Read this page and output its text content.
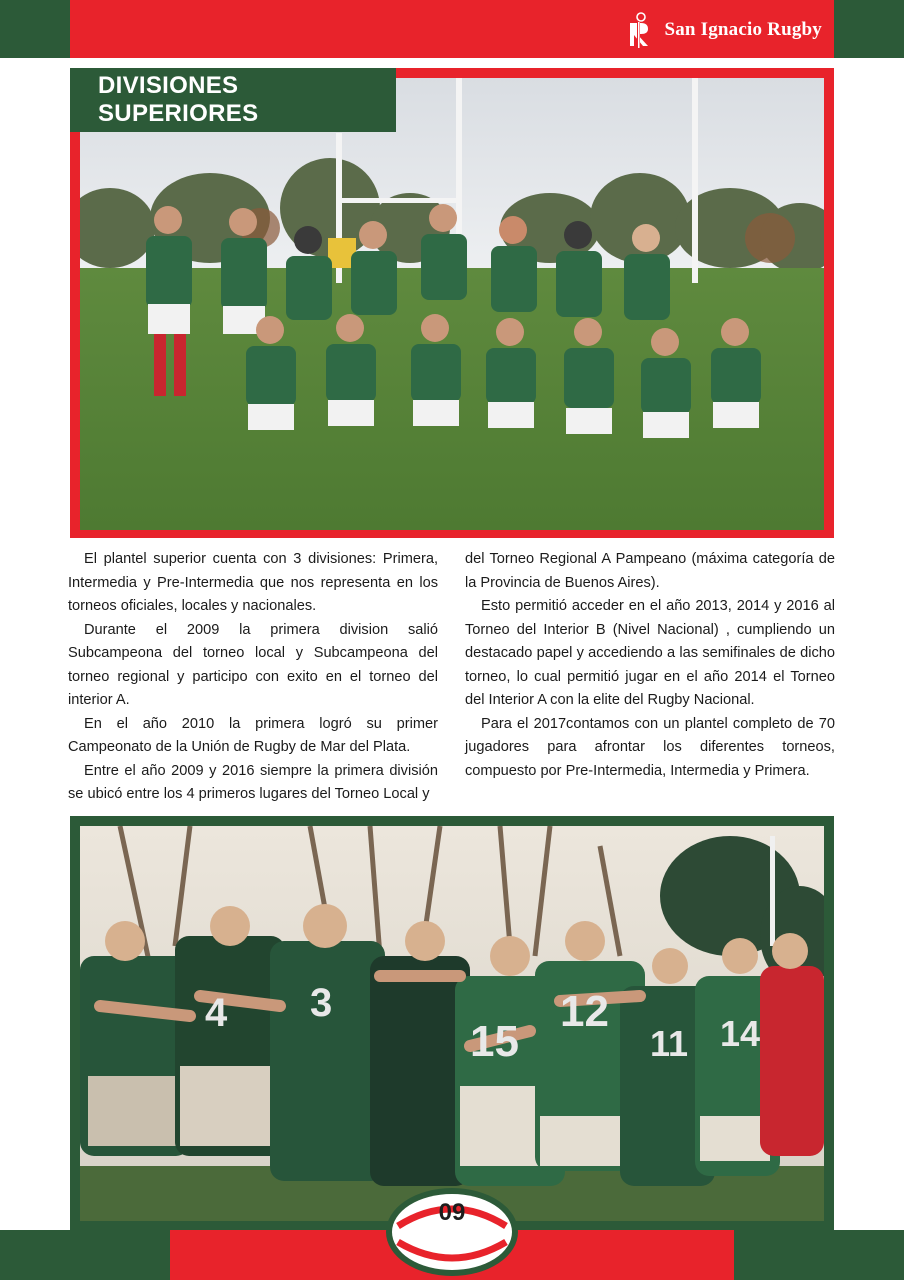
San Ignacio Rugby
DIVISIONES SUPERIORES

El plantel superior cuenta con 3 divisiones: Primera, Intermedia y Pre-Intermedia que nos representa en los torneos oficiales, locales y nacionales.

Durante el 2009 la primera division salió Subcampeona del torneo local y Subcampeona del torneo regional y participo con exito en el torneo del interior A.

En el año 2010 la primera logró su primer Campeonato de la Unión de Rugby de Mar del Plata.

Entre el año 2009 y 2016 siempre la primera división se ubicó entre los 4 primeros lugares del Torneo Local y

del Torneo Regional A Pampeano (máxima categoría de la Provincia de Buenos Aires).

Esto permitió acceder en el año 2013, 2014 y 2016 al Torneo del Interior B (Nivel Nacional) , cumpliendo un destacado papel y accediendo a las semifinales de dicho torneo, lo cual permitió jugar en el año 2014 el Torneo del Interior A con la elite del Rugby Nacional.

Para el 2017contamos con un plantel completo de 70 jugadores para afrontar los diferentes torneos, compuesto por Pre-Intermedia, Intermedia y Primera.

4 3
15
12
11 14
09
